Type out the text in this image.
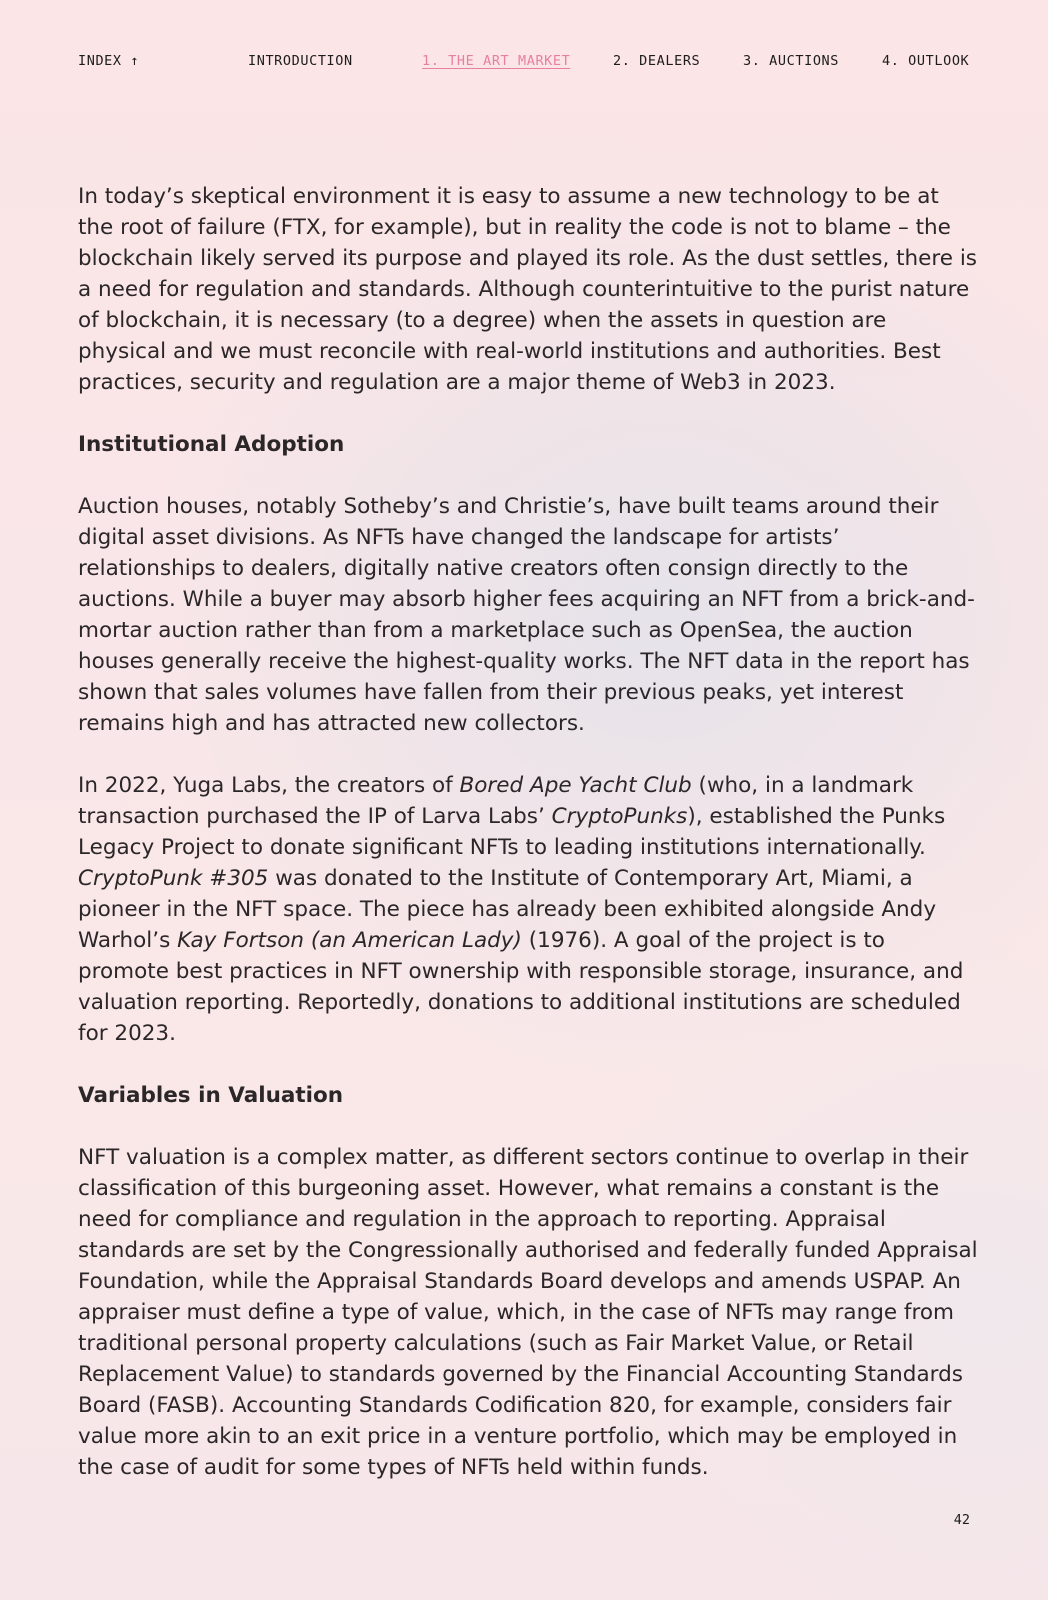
INDEX ↑	INTRODUCTION	1. THE ART MARKET	2. DEALERS	3. AUCTIONS	4. OUTLOOK

In today’s skeptical environment it is easy to assume a new technology to be at the root of failure (FTX, for example), but in reality the code is not to blame – the blockchain likely served its purpose and played its role. As the dust settles, there is a need for regulation and standards. Although counterintuitive to the purist nature of blockchain, it is necessary (to a degree) when the assets in question are physical and we must reconcile with real-world institutions and authorities. Best practices, security and regulation are a major theme of Web3 in 2023.

Institutional Adoption

Auction houses, notably Sotheby’s and Christie’s, have built teams around their digital asset divisions. As NFTs have changed the landscape for artists’ relationships to dealers, digitally native creators often consign directly to the auctions. While a buyer may absorb higher fees acquiring an NFT from a brick-and-mortar auction rather than from a marketplace such as OpenSea, the auction houses generally receive the highest-quality works. The NFT data in the report has shown that sales volumes have fallen from their previous peaks, yet interest remains high and has attracted new collectors.

In 2022, Yuga Labs, the creators of Bored Ape Yacht Club (who, in a landmark transaction purchased the IP of Larva Labs’ CryptoPunks), established the Punks Legacy Project to donate significant NFTs to leading institutions internationally. CryptoPunk #305 was donated to the Institute of Contemporary Art, Miami, a pioneer in the NFT space. The piece has already been exhibited alongside Andy Warhol’s Kay Fortson (an American Lady) (1976). A goal of the project is to promote best practices in NFT ownership with responsible storage, insurance, and valuation reporting. Reportedly, donations to additional institutions are scheduled for 2023.

Variables in Valuation

NFT valuation is a complex matter, as different sectors continue to overlap in their classification of this burgeoning asset. However, what remains a constant is the need for compliance and regulation in the approach to reporting. Appraisal standards are set by the Congressionally authorised and federally funded Appraisal Foundation, while the Appraisal Standards Board develops and amends USPAP. An appraiser must define a type of value, which, in the case of NFTs may range from traditional personal property calculations (such as Fair Market Value, or Retail Replacement Value) to standards governed by the Financial Accounting Standards Board (FASB). Accounting Standards Codification 820, for example, considers fair value more akin to an exit price in a venture portfolio, which may be employed in the case of audit for some types of NFTs held within funds.

42
